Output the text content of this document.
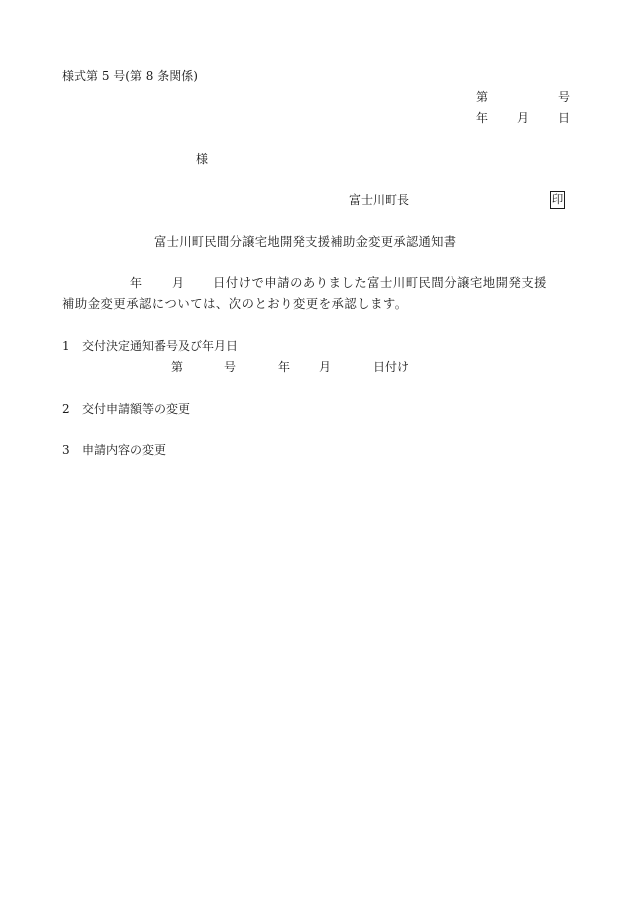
様式第 5 号(第 8 条関係)
第	号
年 月 日
様
富士川町長	印
富士川町民間分譲宅地開発支援補助金変更承認通知書
年 月 日付けで申請のありました富士川町民間分譲宅地開発支援
補助金変更承認については、次のとおり変更を承認します。
1 交付決定通知番号及び年月日
第	号	年 月	日付け
2 交付申請額等の変更
3 申請内容の変更
